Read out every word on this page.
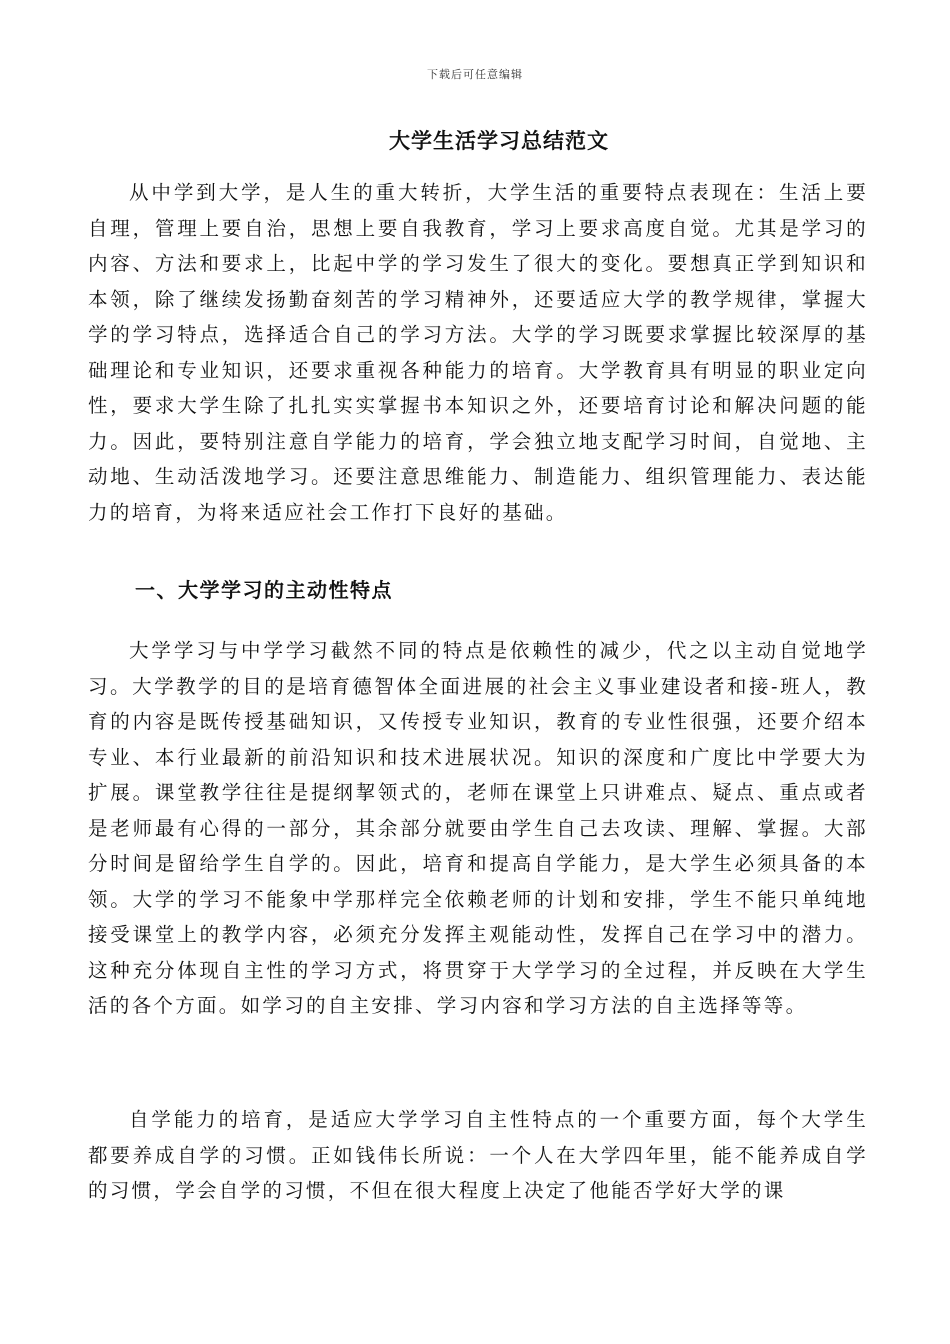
下载后可任意编辑
大学生活学习总结范文

从中学到大学，是人生的重大转折，大学生活的重要特点表现在：生活上要自理，管理上要自治，思想上要自我教育，学习上要求高度自觉。尤其是学习的内容、方法和要求上，比起中学的学习发生了很大的变化。要想真正学到知识和本领，除了继续发扬勤奋刻苦的学习精神外，还要适应大学的教学规律，掌握大学的学习特点，选择适合自己的学习方法。大学的学习既要求掌握比较深厚的基础理论和专业知识，还要求重视各种能力的培育。大学教育具有明显的职业定向性，要求大学生除了扎扎实实掌握书本知识之外，还要培育讨论和解决问题的能力。因此，要特别注意自学能力的培育，学会独立地支配学习时间，自觉地、主动地、生动活泼地学习。还要注意思维能力、制造能力、组织管理能力、表达能力的培育，为将来适应社会工作打下良好的基础。

一、大学学习的主动性特点

大学学习与中学学习截然不同的特点是依赖性的减少，代之以主动自觉地学习。大学教学的目的是培育德智体全面进展的社会主义事业建设者和接-班人，教育的内容是既传授基础知识，又传授专业知识，教育的专业性很强，还要介绍本专业、本行业最新的前沿知识和技术进展状况。知识的深度和广度比中学要大为扩展。课堂教学往往是提纲挈领式的，老师在课堂上只讲难点、疑点、重点或者是老师最有心得的一部分，其余部分就要由学生自己去攻读、理解、掌握。大部分时间是留给学生自学的。因此，培育和提高自学能力，是大学生必须具备的本领。大学的学习不能象中学那样完全依赖老师的计划和安排，学生不能只单纯地接受课堂上的教学内容，必须充分发挥主观能动性，发挥自己在学习中的潜力。这种充分体现自主性的学习方式，将贯穿于大学学习的全过程，并反映在大学生活的各个方面。如学习的自主安排、学习内容和学习方法的自主选择等等。

自学能力的培育，是适应大学学习自主性特点的一个重要方面，每个大学生都要养成自学的习惯。正如钱伟长所说：一个人在大学四年里，能不能养成自学的习惯，学会自学的习惯，不但在很大程度上决定了他能否学好大学的课
